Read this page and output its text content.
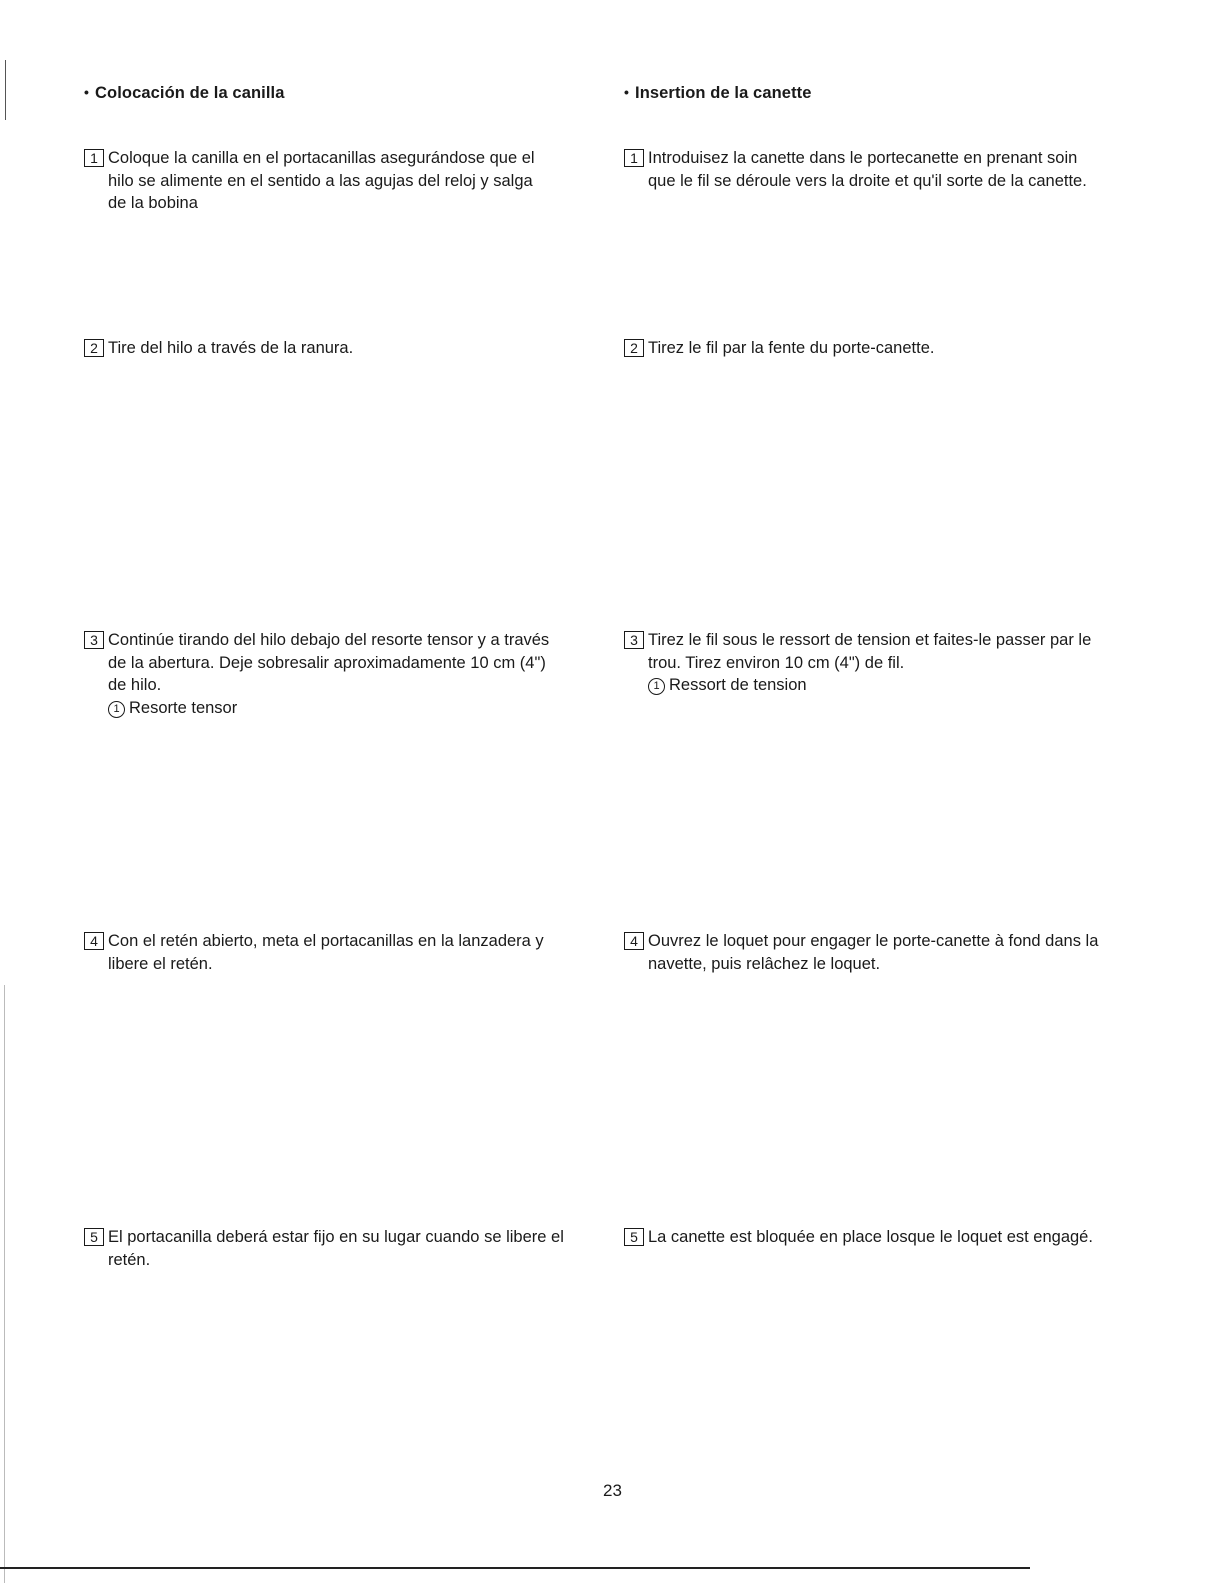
• Colocación de la canilla
1 Coloque la canilla en el portacanillas asegurándose que el
hilo se alimente en el sentido a las agujas del reloj y salga
de la bobina
2 Tire del hilo a través de la ranura.
3 Continúe tirando del hilo debajo del resorte tensor y a través
de la abertura. Deje sobresalir aproximadamente 10 cm (4")
de hilo.
1 Resorte tensor
4 Con el retén abierto, meta el portacanillas en la lanzadera y
libere el retén.
5 El portacanilla deberá estar fijo en su lugar cuando se libere el
retén.
• Insertion de la canette
1 Introduisez la canette dans le portecanette en prenant soin
que le fil se déroule vers la droite et qu'il sorte de la canette.
2 Tirez le fil par la fente du porte-canette.
3 Tirez le fil sous le ressort de tension et faites-le passer par le
trou. Tirez environ 10 cm (4") de fil.
1 Ressort de tension
4 Ouvrez le loquet pour engager le porte-canette à fond dans la
navette, puis relâchez le loquet.
5 La canette est bloquée en place losque le loquet est engagé.
23
